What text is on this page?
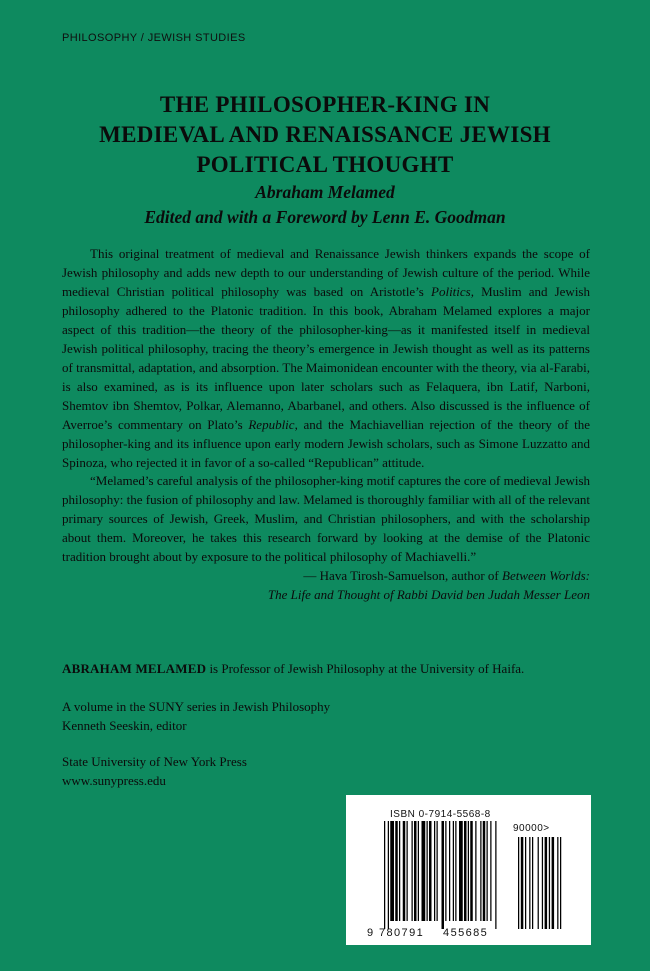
PHILOSOPHY / JEWISH STUDIES
THE PHILOSOPHER-KING IN
MEDIEVAL AND RENAISSANCE JEWISH
POLITICAL THOUGHT
Abraham Melamed
Edited and with a Foreword by Lenn E. Goodman

This original treatment of medieval and Renaissance Jewish thinkers expands the scope of Jewish philosophy and adds new depth to our understanding of Jewish culture of the period. While medieval Christian political philosophy was based on Aristotle’s Politics, Muslim and Jewish philosophy adhered to the Platonic tradition. In this book, Abraham Melamed explores a major aspect of this tradition—the theory of the philosopher-king—as it manifested itself in medieval Jewish political philosophy, tracing the theory’s emergence in Jewish thought as well as its patterns of transmittal, adaptation, and absorption. The Maimonidean encounter with the theory, via al-Farabi, is also examined, as is its influence upon later scholars such as Felaquera, ibn Latif, Narboni, Shemtov ibn Shemtov, Polkar, Alemanno, Abarbanel, and others. Also discussed is the influence of Averroe’s commentary on Plato’s Republic, and the Machiavellian rejection of the theory of the philosopher-king and its influence upon early modern Jewish scholars, such as Simone Luzzatto and Spinoza, who rejected it in favor of a so-called “Republican” attitude.

“Melamed’s careful analysis of the philosopher-king motif captures the core of medieval Jewish philosophy: the fusion of philosophy and law. Melamed is thoroughly familiar with all of the relevant primary sources of Jewish, Greek, Muslim, and Christian philosophers, and with the scholarship about them. Moreover, he takes this research forward by looking at the demise of the Platonic tradition brought about by exposure to the political philosophy of Machiavelli.”

— Hava Tirosh-Samuelson, author of Between Worlds:
The Life and Thought of Rabbi David ben Judah Messer Leon
ABRAHAM MELAMED is Professor of Jewish Philosophy at the University of Haifa.
A volume in the SUNY series in Jewish Philosophy
Kenneth Seeskin, editor
State University of New York Press
www.sunypress.edu
ISBN 0-7914-5568-8
90000>
9 780791 455685
